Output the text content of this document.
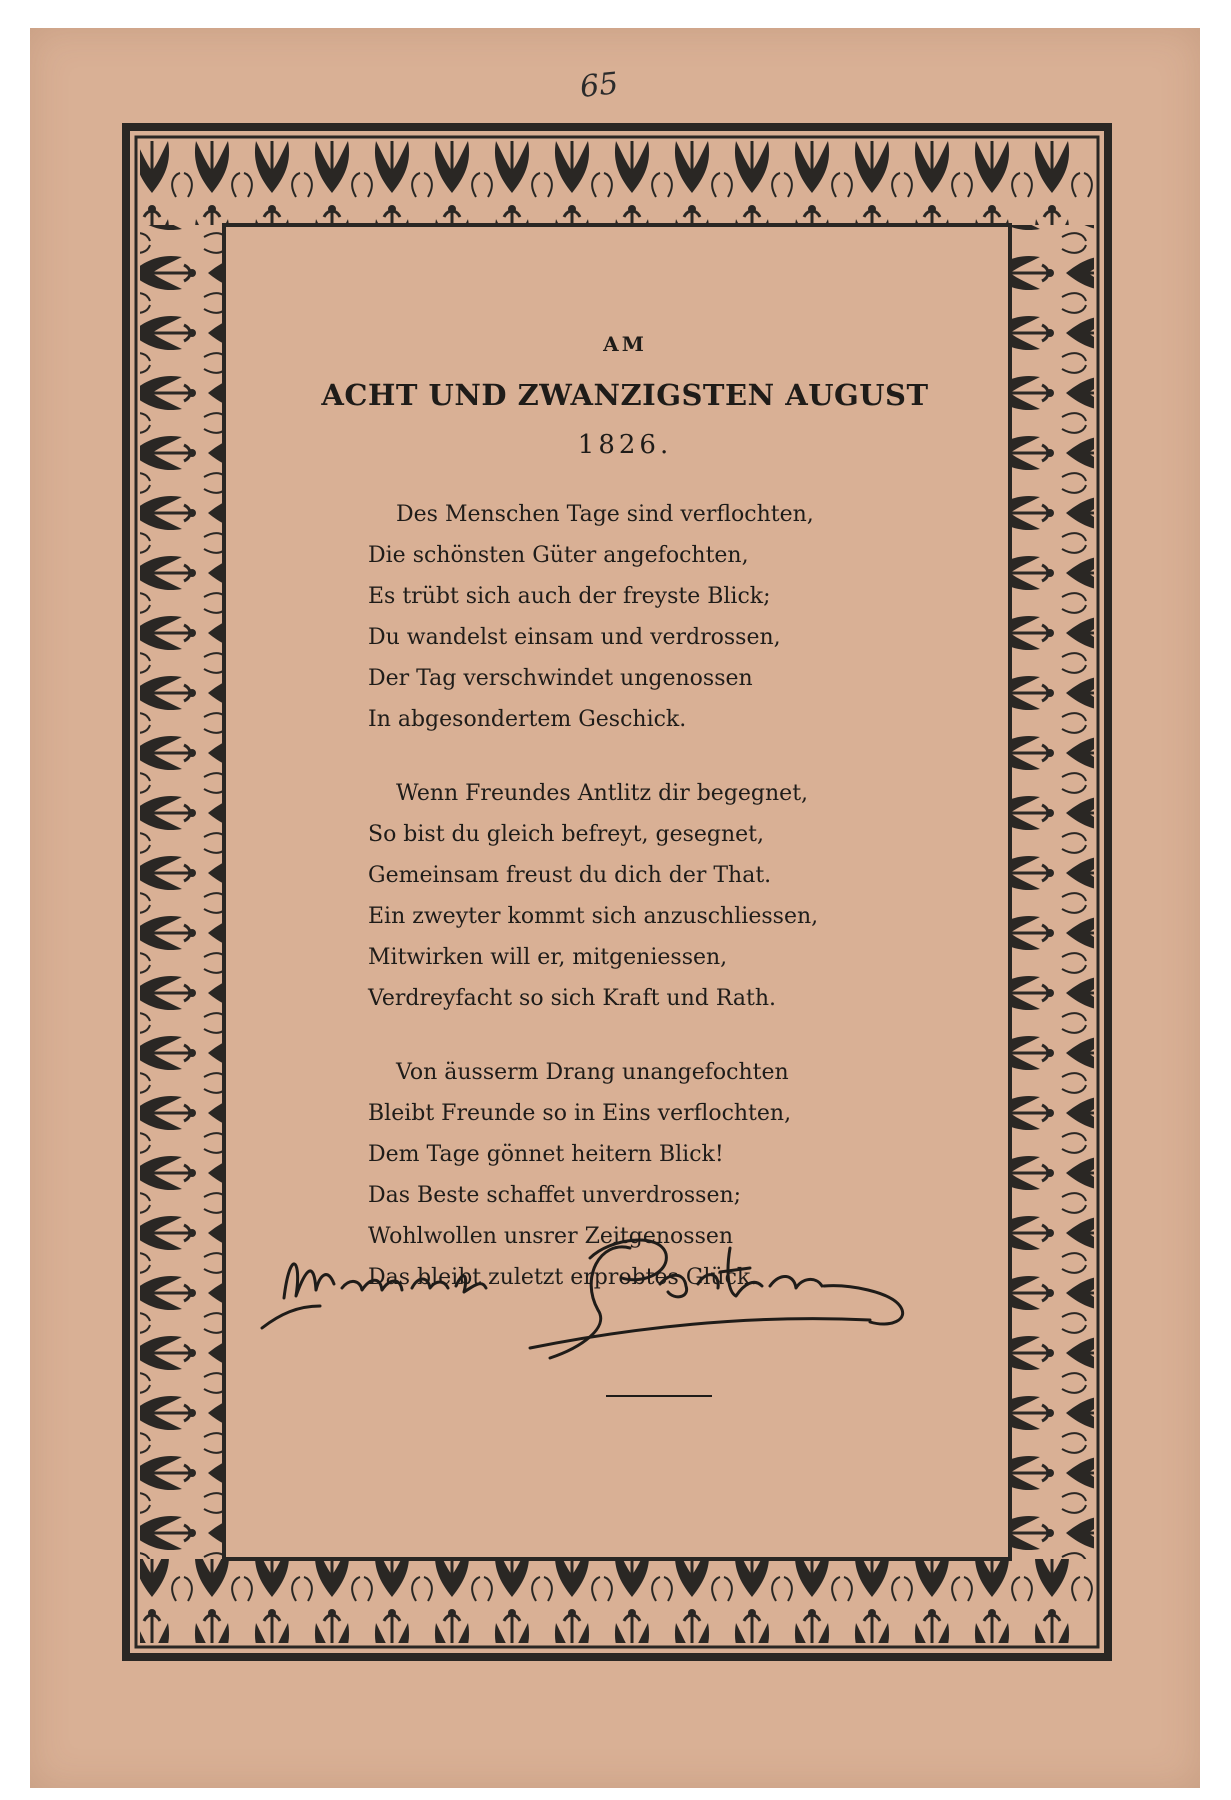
65
AM
ACHT UND ZWANZIGSTEN AUGUST
1826.
Des Menschen Tage sind verflochten,
Die schönsten Güter angefochten,
Es trübt sich auch der freyste Blick;
Du wandelst einsam und verdrossen,
Der Tag verschwindet ungenossen
In abgesondertem Geschick.
Wenn Freundes Antlitz dir begegnet,
So bist du gleich befreyt, gesegnet,
Gemeinsam freust du dich der That.
Ein zweyter kommt sich anzuschliessen,
Mitwirken will er, mitgeniessen,
Verdreyfacht so sich Kraft und Rath.
Von äusserm Drang unangefochten
Bleibt Freunde so in Eins verflochten,
Dem Tage gönnet heitern Blick!
Das Beste schaffet unverdrossen;
Wohlwollen unsrer Zeitgenossen
Das bleibt zuletzt erprobtes Glück.
